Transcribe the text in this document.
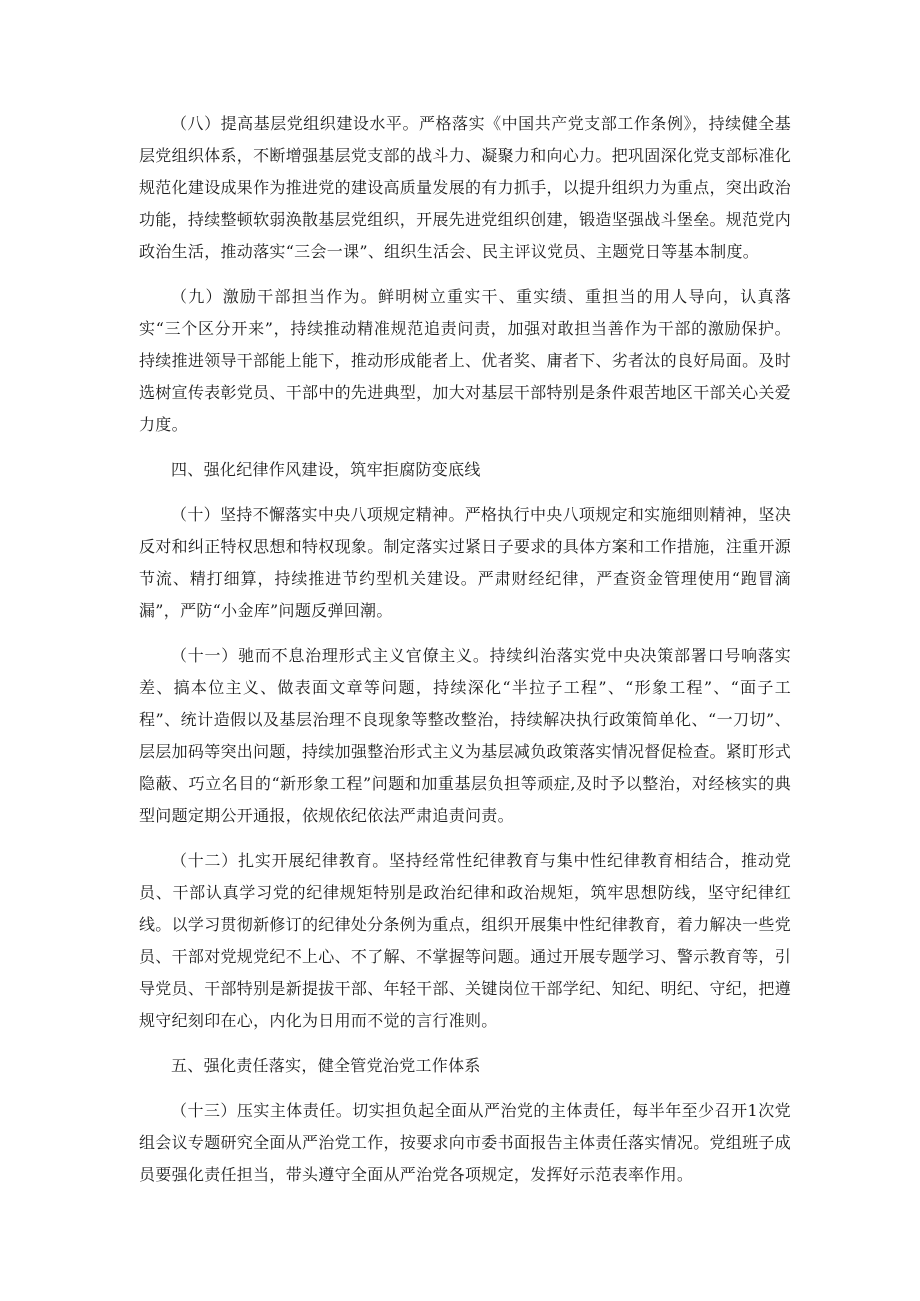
（八）提高基层党组织建设水平。严格落实《中国共产党支部工作条例》，持续健全基层党组织体系，不断增强基层党支部的战斗力、凝聚力和向心力。把巩固深化党支部标准化规范化建设成果作为推进党的建设高质量发展的有力抓手，以提升组织力为重点，突出政治功能，持续整顿软弱涣散基层党组织，开展先进党组织创建，锻造坚强战斗堡垒。规范党内政治生活，推动落实“三会一课”、组织生活会、民主评议党员、主题党日等基本制度。

（九）激励干部担当作为。鲜明树立重实干、重实绩、重担当的用人导向，认真落实“三个区分开来”，持续推动精准规范追责问责，加强对敢担当善作为干部的激励保护。持续推进领导干部能上能下，推动形成能者上、优者奖、庸者下、劣者汰的良好局面。及时选树宣传表彰党员、干部中的先进典型，加大对基层干部特别是条件艰苦地区干部关心关爱力度。

四、强化纪律作风建设，筑牢拒腐防变底线

（十）坚持不懈落实中央八项规定精神。严格执行中央八项规定和实施细则精神，坚决反对和纠正特权思想和特权现象。制定落实过紧日子要求的具体方案和工作措施，注重开源节流、精打细算，持续推进节约型机关建设。严肃财经纪律，严查资金管理使用“跑冒滴漏”，严防“小金库”问题反弹回潮。

（十一）驰而不息治理形式主义官僚主义。持续纠治落实党中央决策部署口号响落实差、搞本位主义、做表面文章等问题，持续深化“半拉子工程”、“形象工程”、“面子工程”、统计造假以及基层治理不良现象等整改整治，持续解决执行政策简单化、“一刀切”、层层加码等突出问题，持续加强整治形式主义为基层减负政策落实情况督促检查。紧盯形式隐蔽、巧立名目的“新形象工程”问题和加重基层负担等顽症,及时予以整治，对经核实的典型问题定期公开通报，依规依纪依法严肃追责问责。

（十二）扎实开展纪律教育。坚持经常性纪律教育与集中性纪律教育相结合，推动党员、干部认真学习党的纪律规矩特别是政治纪律和政治规矩，筑牢思想防线，坚守纪律红线。以学习贯彻新修订的纪律处分条例为重点，组织开展集中性纪律教育，着力解决一些党员、干部对党规党纪不上心、不了解、不掌握等问题。通过开展专题学习、警示教育等，引导党员、干部特别是新提拔干部、年轻干部、关键岗位干部学纪、知纪、明纪、守纪，把遵规守纪刻印在心，内化为日用而不觉的言行准则。

五、强化责任落实，健全管党治党工作体系

（十三）压实主体责任。切实担负起全面从严治党的主体责任，每半年至少召开1次党组会议专题研究全面从严治党工作，按要求向市委书面报告主体责任落实情况。党组班子成员要强化责任担当，带头遵守全面从严治党各项规定，发挥好示范表率作用。
